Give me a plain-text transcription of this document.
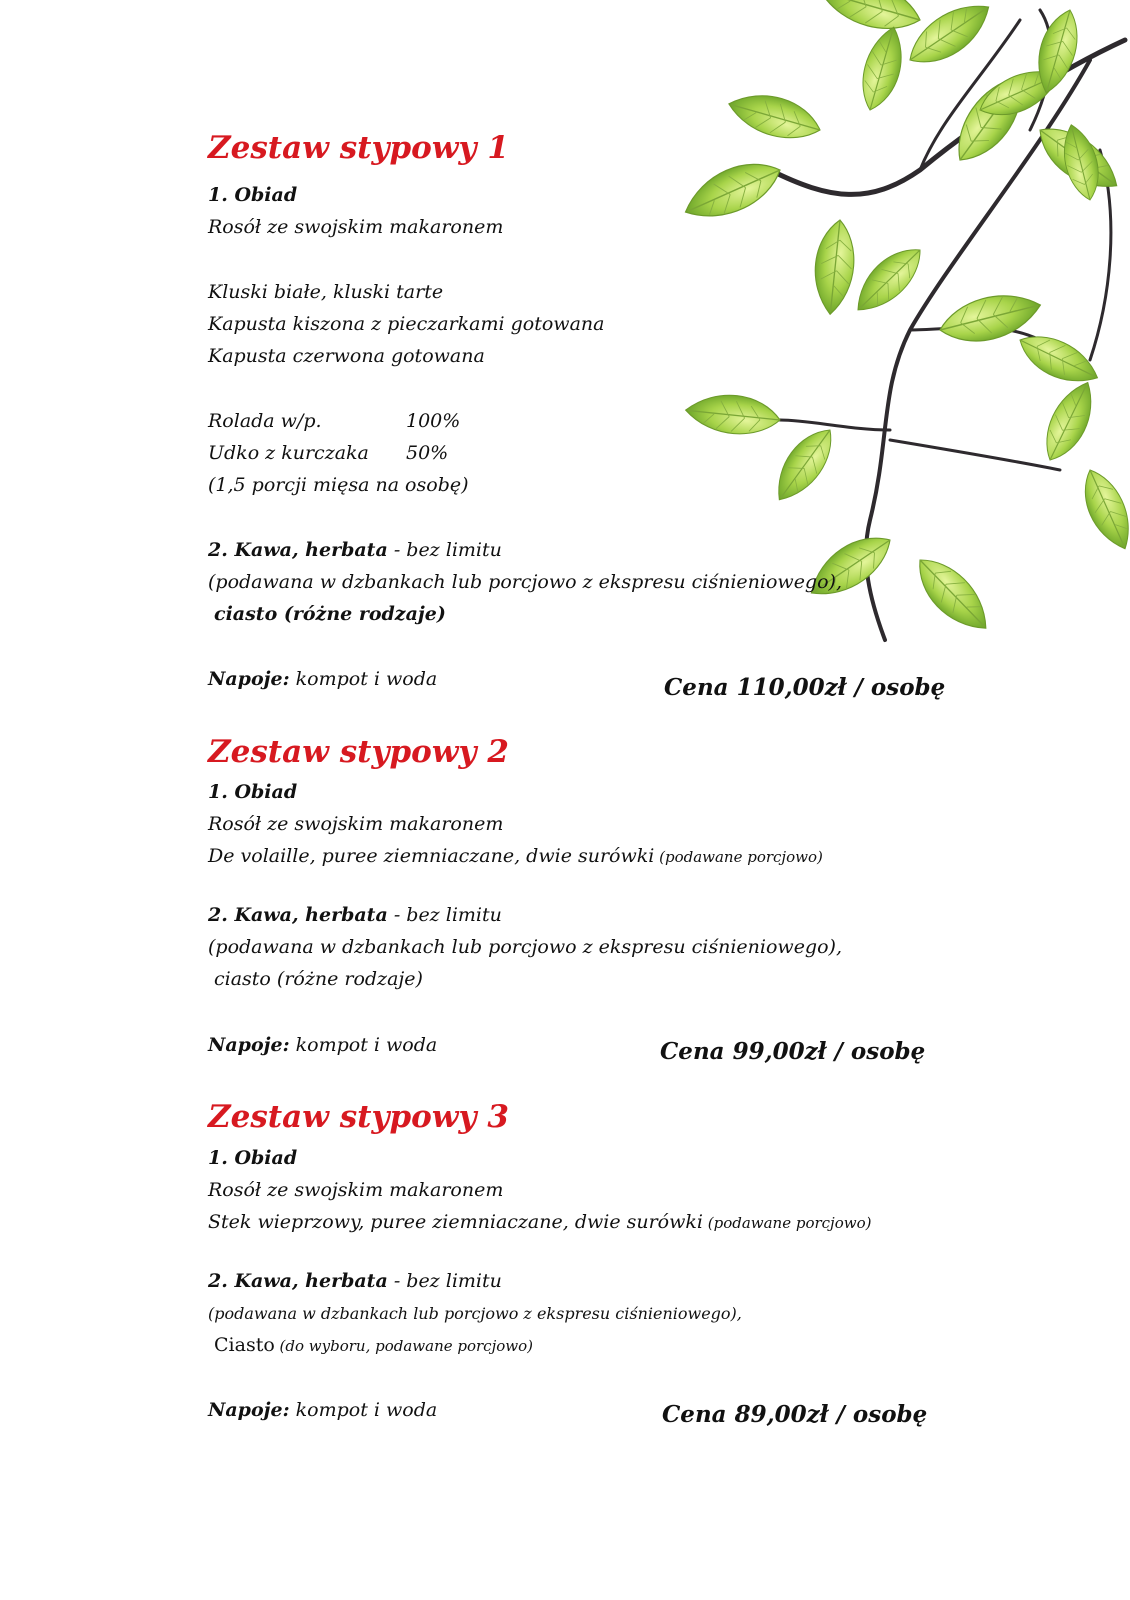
Zestaw stypowy 1
1. Obiad
Rosół ze swojskim makaronem
Kluski białe, kluski tarte
Kapusta kiszona z pieczarkami gotowana
Kapusta czerwona gotowana
Rolada w/p.	100%
Udko z kurczaka 50%
(1,5 porcji mięsa na osobę)
2. Kawa, herbata - bez limitu
(podawana w dzbankach lub porcjowo z ekspresu ciśnieniowego),
ciasto (różne rodzaje)
Napoje: kompot i woda	Cena 110,00zł / osobę
Zestaw stypowy 2
1. Obiad
Rosół ze swojskim makaronem
De volaille, puree ziemniaczane, dwie surówki (podawane porcjowo)
2. Kawa, herbata - bez limitu
(podawana w dzbankach lub porcjowo z ekspresu ciśnieniowego),
ciasto (różne rodzaje)
Napoje: kompot i woda	Cena 99,00zł / osobę
Zestaw stypowy 3
1. Obiad
Rosół ze swojskim makaronem
Stek wieprzowy, puree ziemniaczane, dwie surówki (podawane porcjowo)
2. Kawa, herbata - bez limitu
(podawana w dzbankach lub porcjowo z ekspresu ciśnieniowego),
Ciasto (do wyboru, podawane porcjowo)
Napoje: kompot i woda	Cena 89,00zł / osobę
